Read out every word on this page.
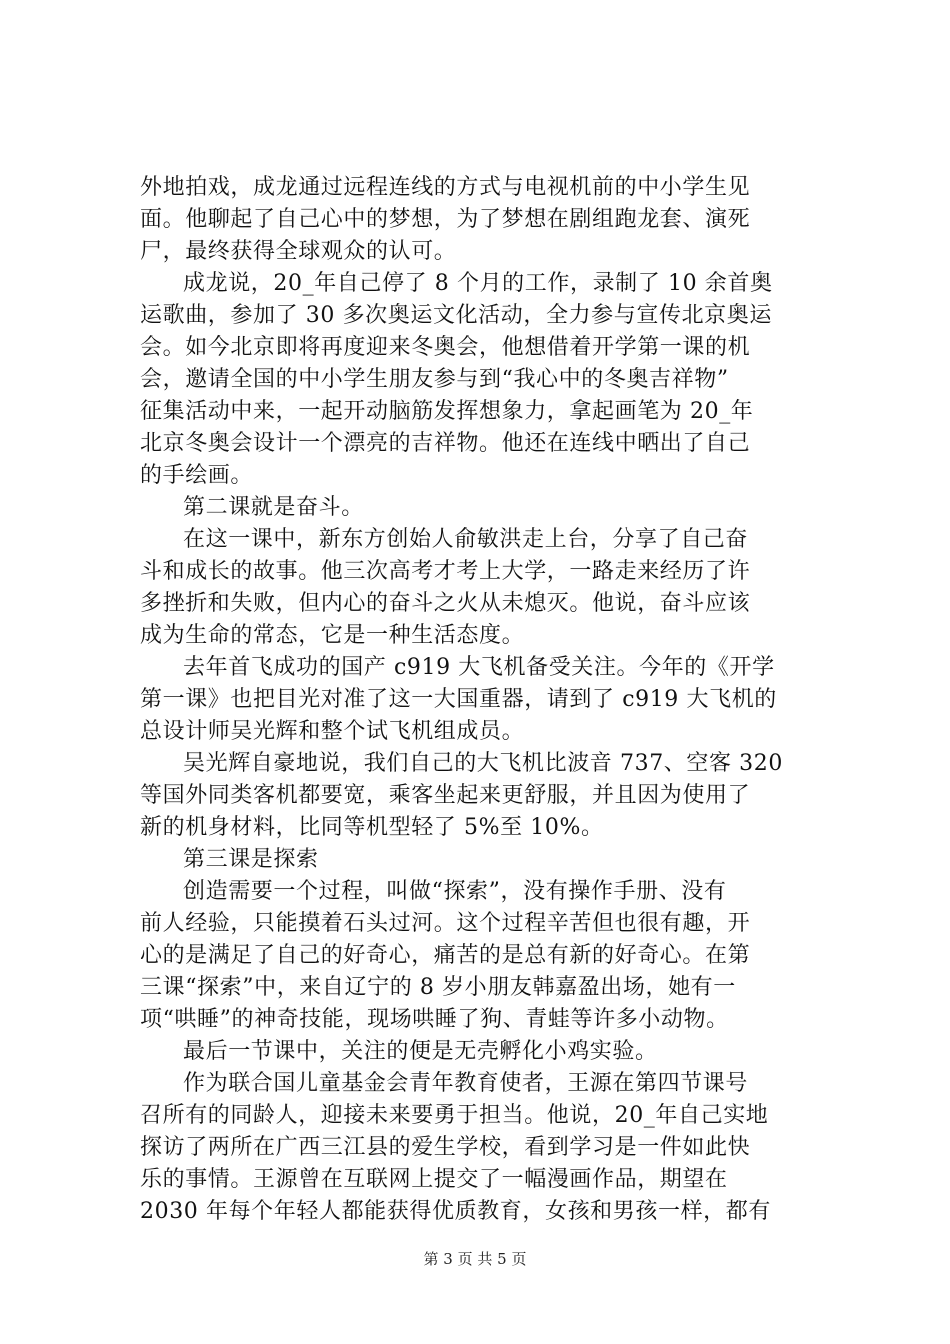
外地拍戏，成龙通过远程连线的方式与电视机前的中小学生见
面。他聊起了自己心中的梦想，为了梦想在剧组跑龙套、演死
尸，最终获得全球观众的认可。
成龙说，20_年自己停了 8 个月的工作，录制了 10 余首奥
运歌曲，参加了 30 多次奥运文化活动，全力参与宣传北京奥运
会。如今北京即将再度迎来冬奥会，他想借着开学第一课的机
会，邀请全国的中小学生朋友参与到“我心中的冬奥吉祥物”
征集活动中来，一起开动脑筋发挥想象力，拿起画笔为 20_年
北京冬奥会设计一个漂亮的吉祥物。他还在连线中晒出了自己
的手绘画。
第二课就是奋斗。
在这一课中，新东方创始人俞敏洪走上台，分享了自己奋
斗和成长的故事。他三次高考才考上大学，一路走来经历了许
多挫折和失败，但内心的奋斗之火从未熄灭。他说，奋斗应该
成为生命的常态，它是一种生活态度。
去年首飞成功的国产 c919 大飞机备受关注。今年的《开学
第一课》也把目光对准了这一大国重器，请到了 c919 大飞机的
总设计师吴光辉和整个试飞机组成员。
吴光辉自豪地说，我们自己的大飞机比波音 737、空客 320
等国外同类客机都要宽，乘客坐起来更舒服，并且因为使用了
新的机身材料，比同等机型轻了 5%至 10%。
第三课是探索
创造需要一个过程，叫做“探索”，没有操作手册、没有
前人经验，只能摸着石头过河。这个过程辛苦但也很有趣，开
心的是满足了自己的好奇心，痛苦的是总有新的好奇心。在第
三课“探索”中，来自辽宁的 8 岁小朋友韩嘉盈出场，她有一
项“哄睡”的神奇技能，现场哄睡了狗、青蛙等许多小动物。
最后一节课中，关注的便是无壳孵化小鸡实验。
作为联合国儿童基金会青年教育使者，王源在第四节课号
召所有的同龄人，迎接未来要勇于担当。他说，20_年自己实地
探访了两所在广西三江县的爱生学校，看到学习是一件如此快
乐的事情。王源曾在互联网上提交了一幅漫画作品，期望在
2030 年每个年轻人都能获得优质教育，女孩和男孩一样，都有
第 3 页 共 5 页
